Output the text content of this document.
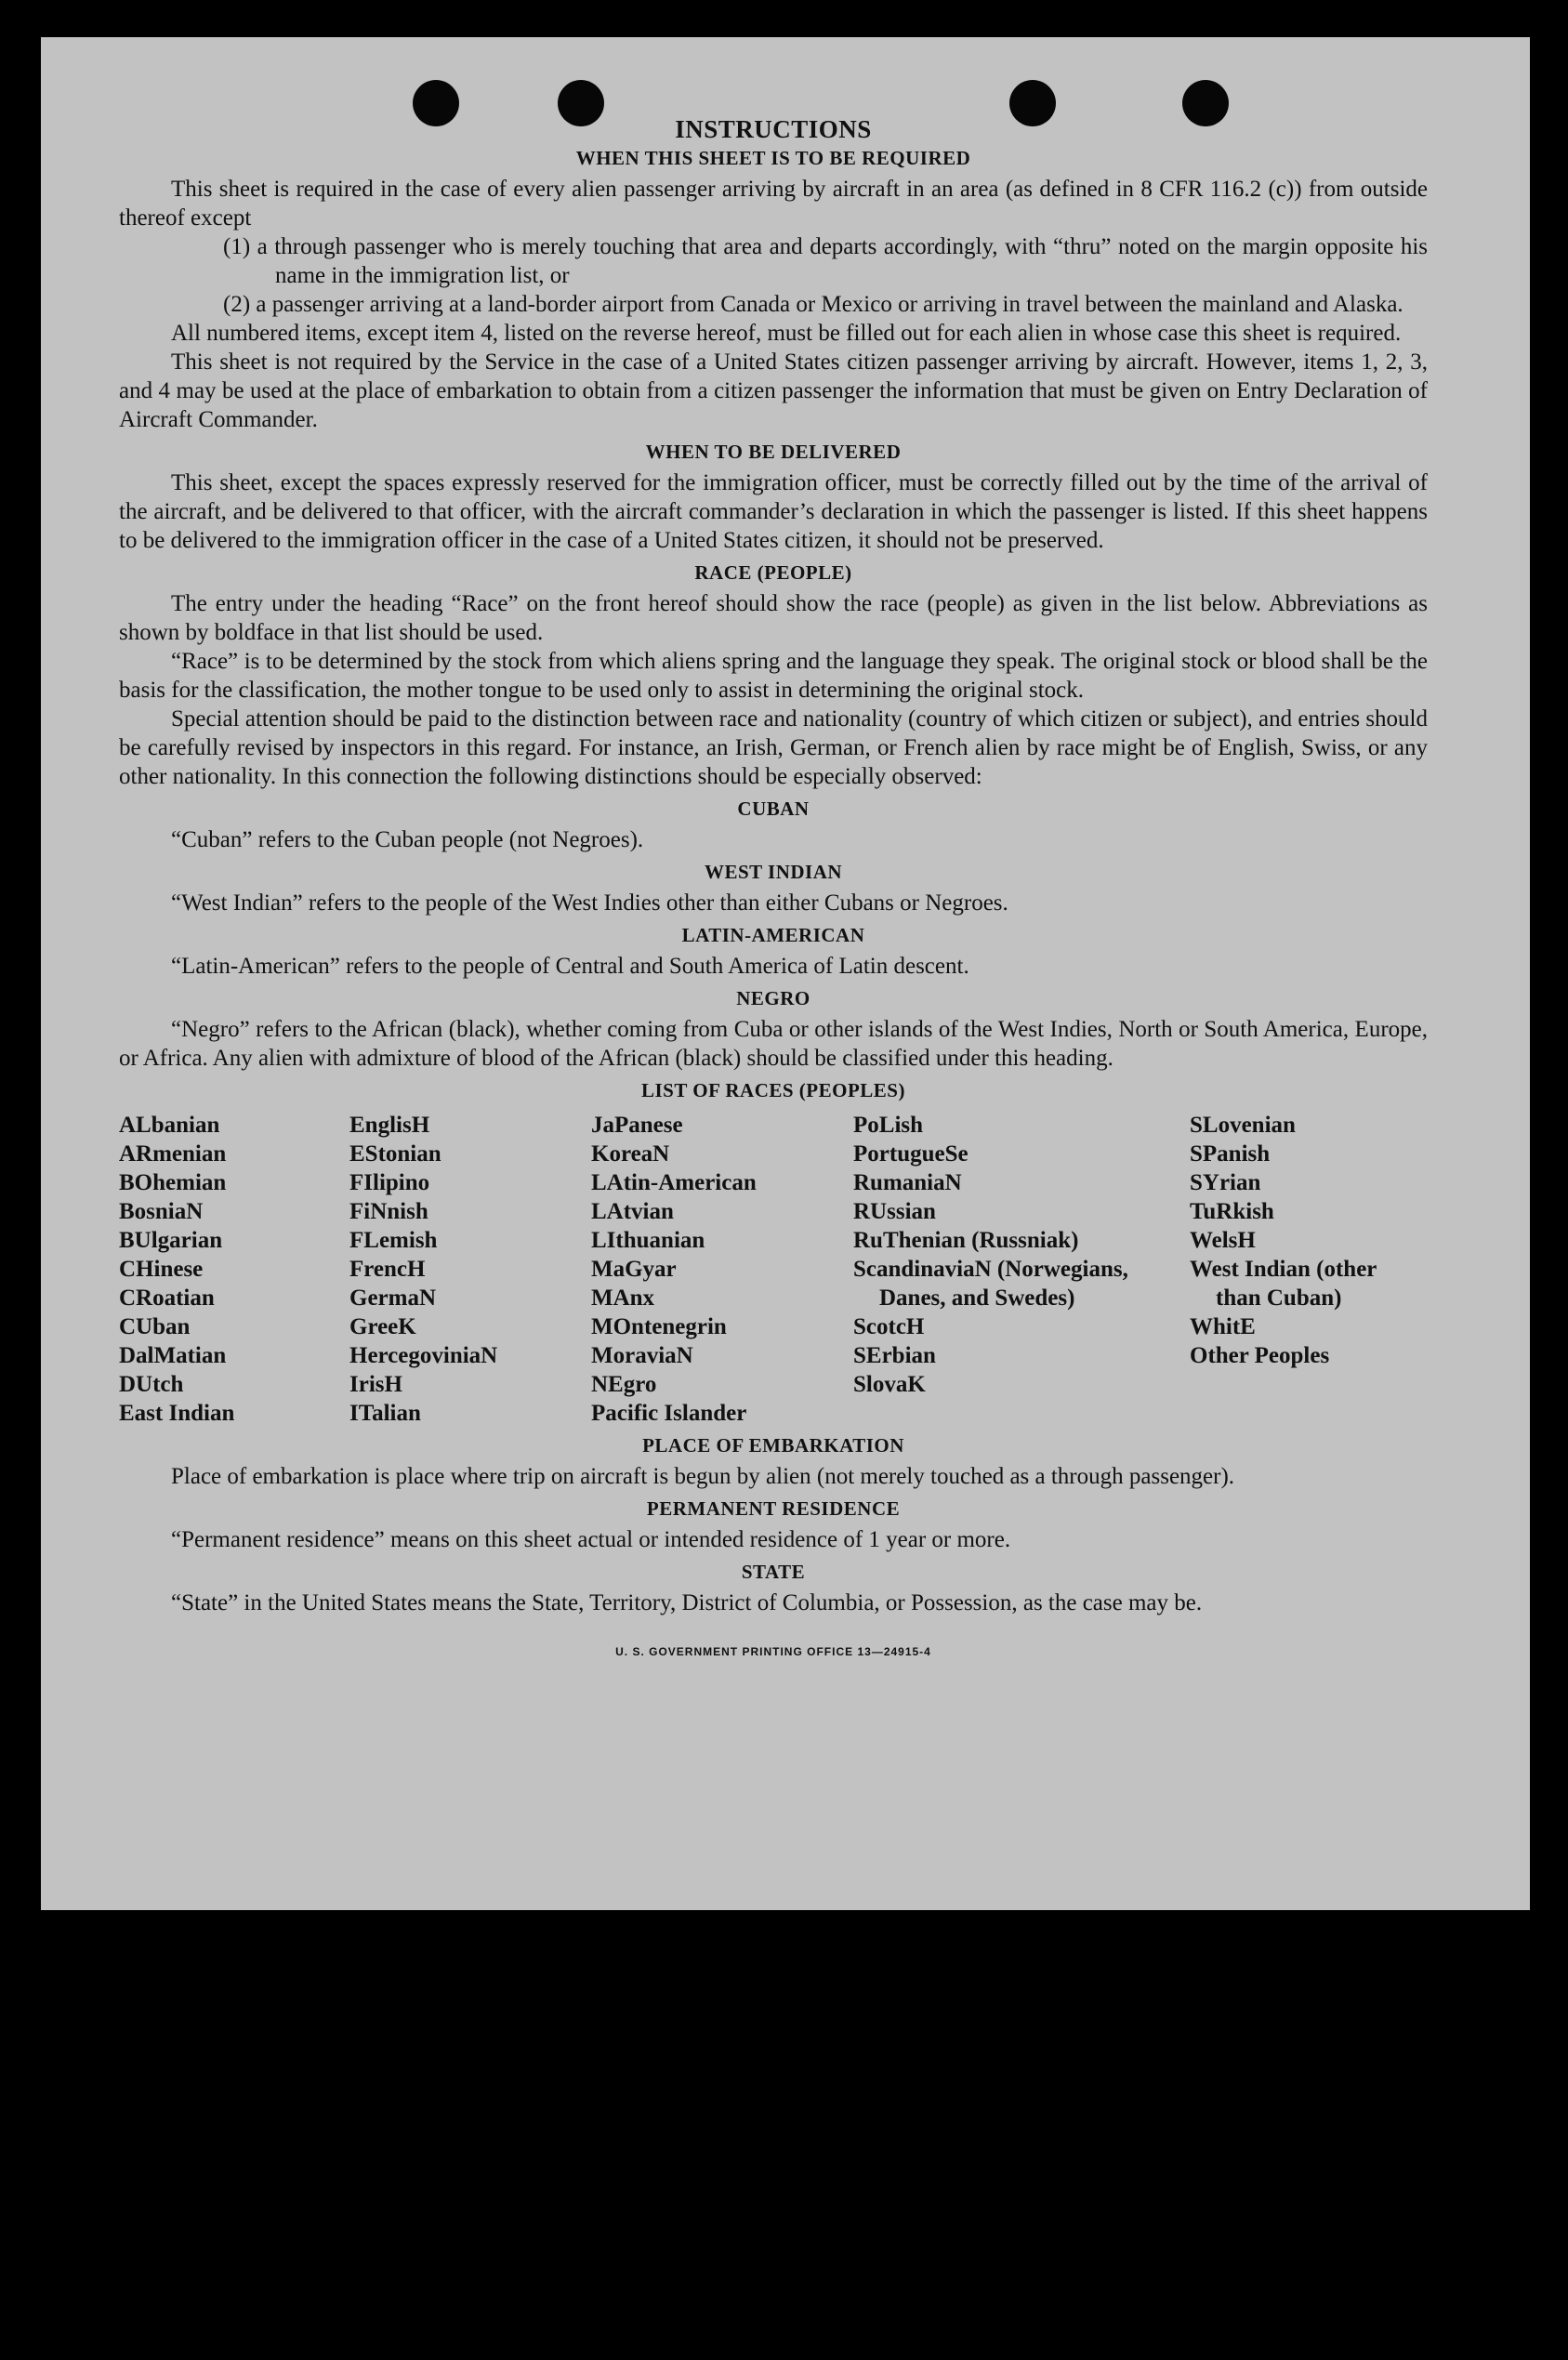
INSTRUCTIONS
WHEN THIS SHEET IS TO BE REQUIRED

This sheet is required in the case of every alien passenger arriving by aircraft in an area (as defined in 8 CFR 116.2 (c)) from outside thereof except

(1) a through passenger who is merely touching that area and departs accordingly, with “thru” noted on the margin opposite his name in the immigration list, or

(2) a passenger arriving at a land-border airport from Canada or Mexico or arriving in travel between the mainland and Alaska.

All numbered items, except item 4, listed on the reverse hereof, must be filled out for each alien in whose case this sheet is required.

This sheet is not required by the Service in the case of a United States citizen passenger arriving by aircraft. However, items 1, 2, 3, and 4 may be used at the place of embarkation to obtain from a citizen passenger the information that must be given on Entry Declaration of Aircraft Commander.

WHEN TO BE DELIVERED

This sheet, except the spaces expressly reserved for the immigration officer, must be correctly filled out by the time of the arrival of the aircraft, and be delivered to that officer, with the aircraft commander’s declaration in which the passenger is listed. If this sheet happens to be delivered to the immigration officer in the case of a United States citizen, it should not be preserved.

RACE (PEOPLE)

The entry under the heading “Race” on the front hereof should show the race (people) as given in the list below. Abbreviations as shown by boldface in that list should be used.

“Race” is to be determined by the stock from which aliens spring and the language they speak. The original stock or blood shall be the basis for the classification, the mother tongue to be used only to assist in determining the original stock.

Special attention should be paid to the distinction between race and nationality (country of which citizen or subject), and entries should be carefully revised by inspectors in this regard. For instance, an Irish, German, or French alien by race might be of English, Swiss, or any other nationality. In this connection the following distinctions should be especially observed:

CUBAN

“Cuban” refers to the Cuban people (not Negroes).

WEST INDIAN

“West Indian” refers to the people of the West Indies other than either Cubans or Negroes.

LATIN-AMERICAN

“Latin-American” refers to the people of Central and South America of Latin descent.

NEGRO

“Negro” refers to the African (black), whether coming from Cuba or other islands of the West Indies, North or South America, Europe, or Africa. Any alien with admixture of blood of the African (black) should be classified under this heading.

LIST OF RACES (PEOPLES)
ALbanian
ARmenian
BOhemian
BosniaN
BUlgarian
CHinese
CRoatian
CUban
DalMatian
DUtch
East Indian
EnglisH
EStonian
FIlipino
FiNnish
FLemish
FrencH
GermaN
GreeK
HercegoviniaN
IrisH
ITalian
JaPanese
KoreaN
LAtin-American
LAtvian
LIthuanian
MaGyar
MAnx
MOntenegrin
MoraviaN
NEgro
Pacific Islander
PoLish
PortugueSe
RumaniaN
RUssian
RuThenian (Russniak)
ScandinaviaN (Norwegians, Danes, and Swedes)
ScotcH
SErbian
SlovaK
SLovenian
SPanish
SYrian
TuRkish
WelsH
West Indian (other than Cuban)
WhitE
Other Peoples
PLACE OF EMBARKATION

Place of embarkation is place where trip on aircraft is begun by alien (not merely touched as a through passenger).

PERMANENT RESIDENCE

“Permanent residence” means on this sheet actual or intended residence of 1 year or more.

STATE

“State” in the United States means the State, Territory, District of Columbia, or Possession, as the case may be.

U. S. GOVERNMENT PRINTING OFFICE 13—24915-4
